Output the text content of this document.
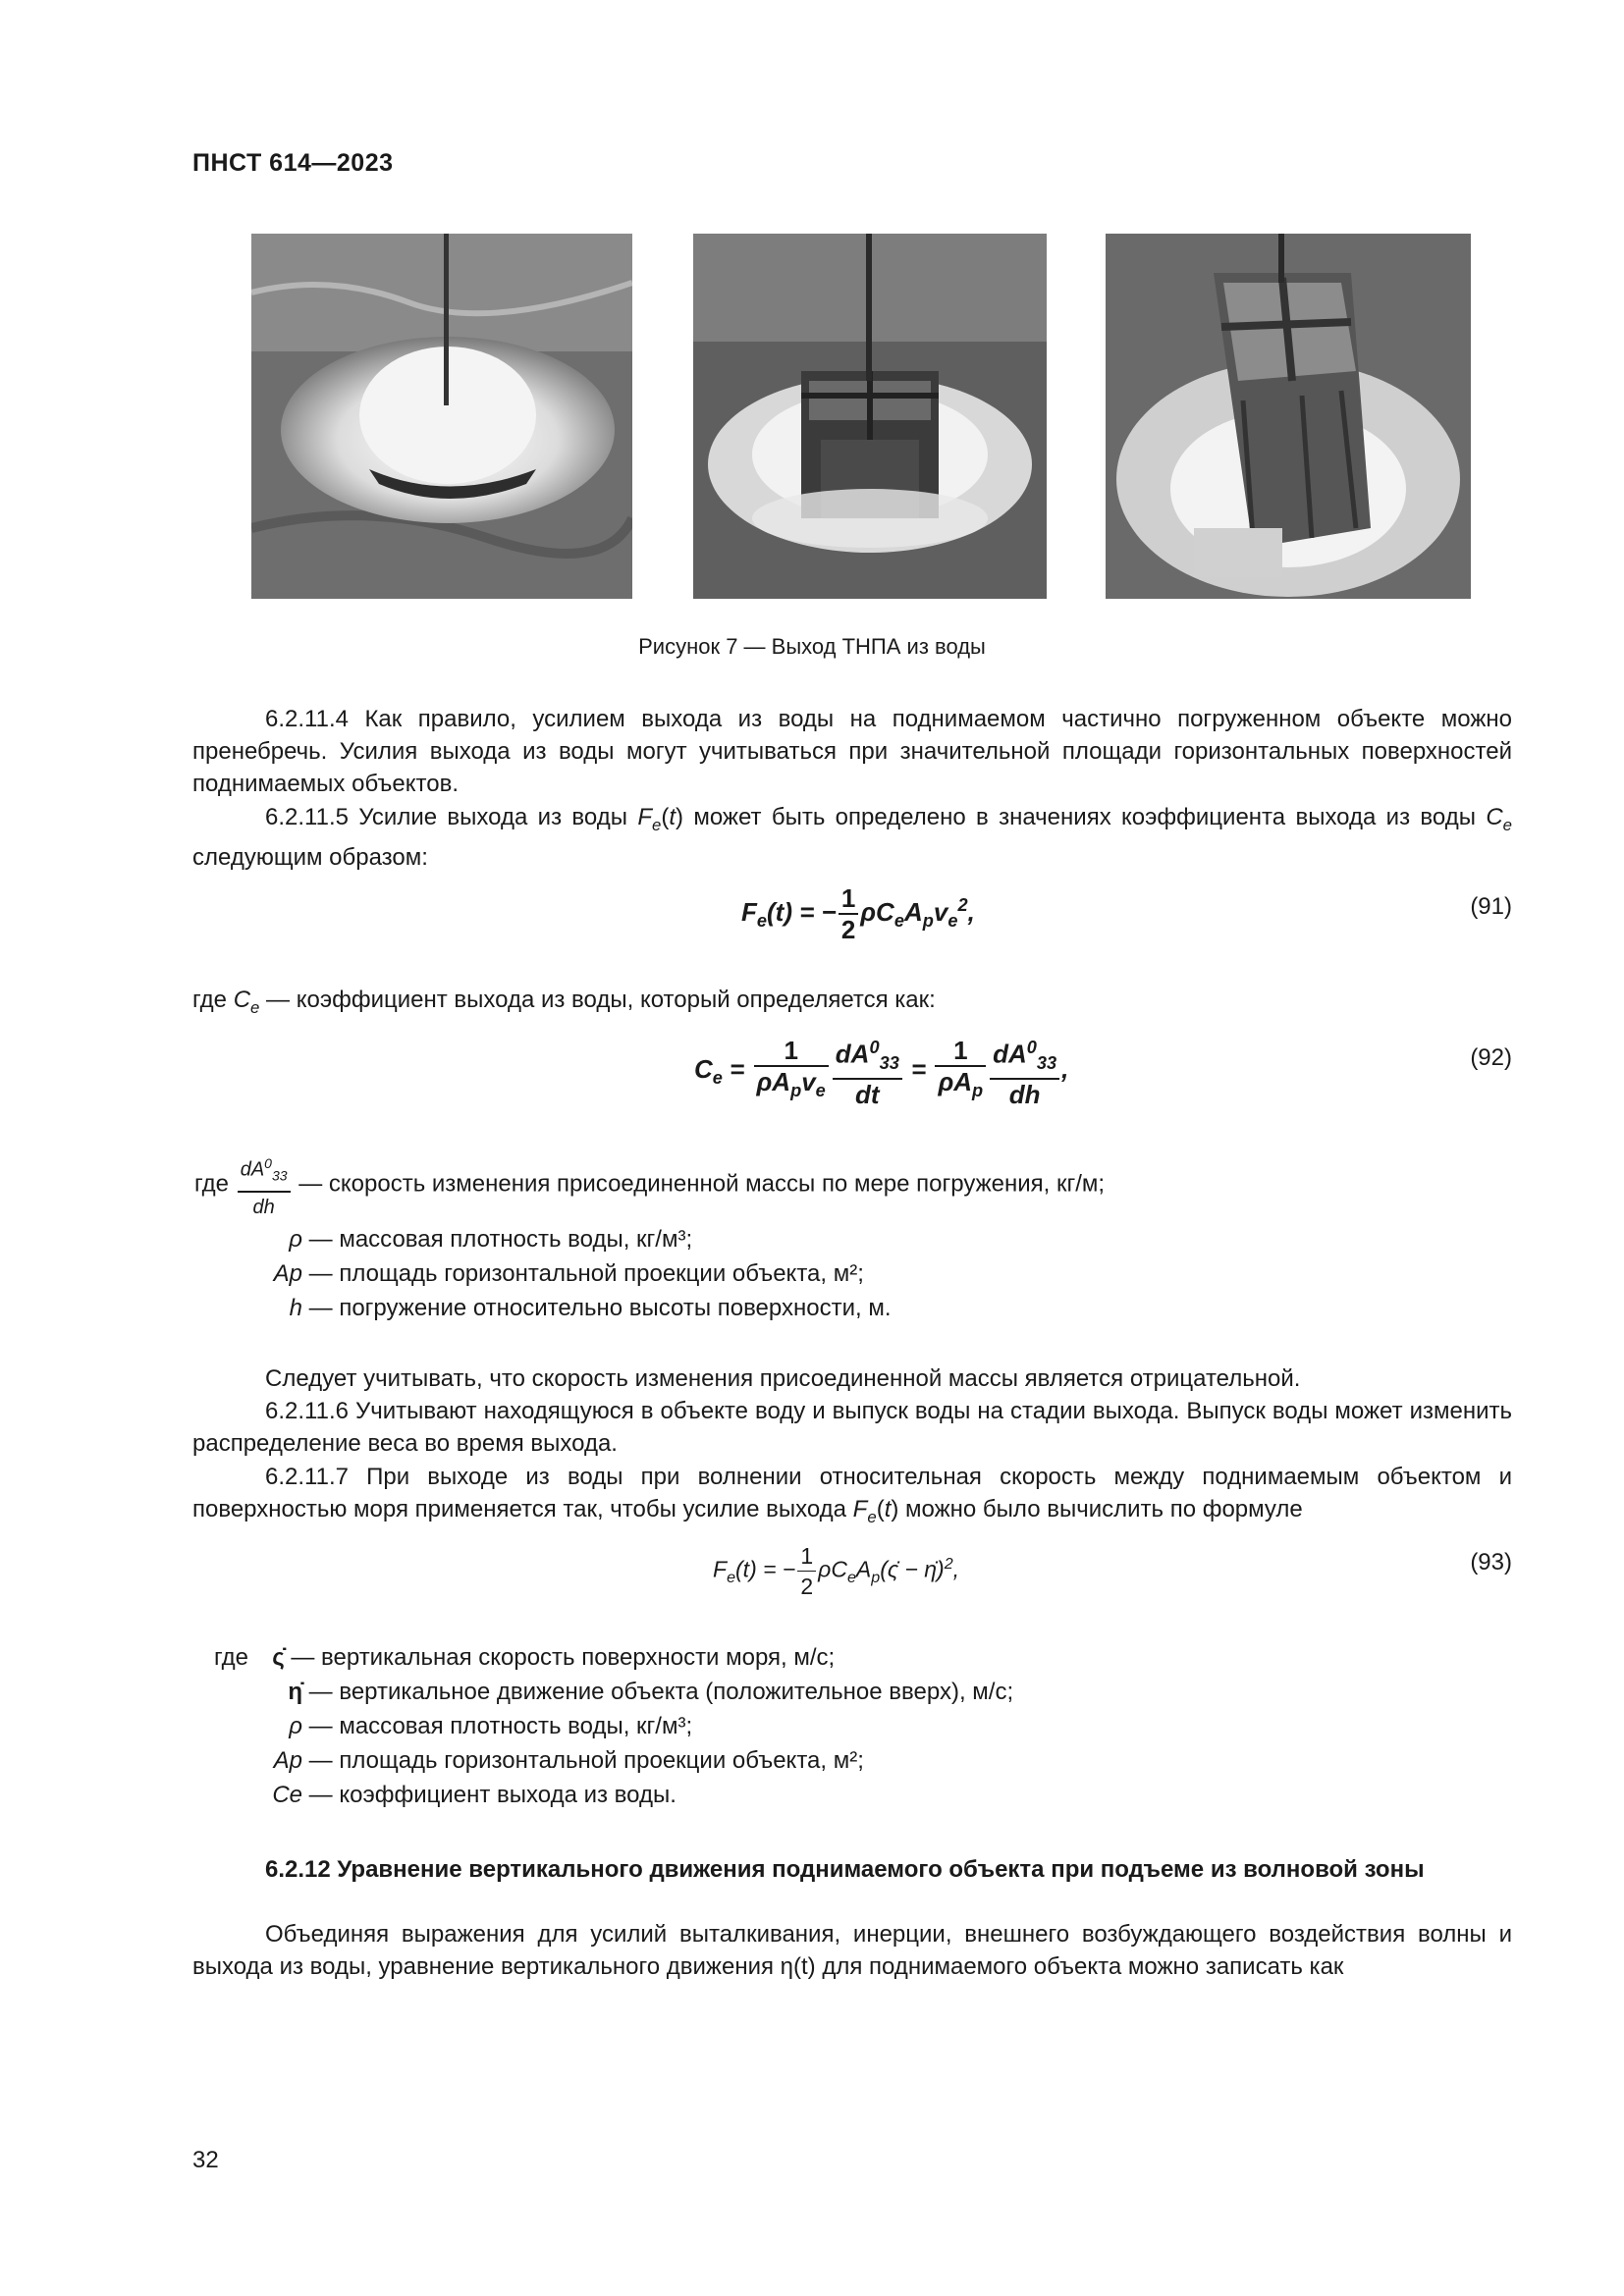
ПНСТ 614—2023
Рисунок 7 — Выход ТНПА из воды
6.2.11.4 Как правило, усилием выхода из воды на поднимаемом частично погруженном объекте можно пренебречь. Усилия выхода из воды могут учитываться при значительной площади горизонтальных поверхностей поднимаемых объектов.
6.2.11.5 Усилие выхода из воды $F_e(t)$ может быть определено в значениях коэффициента выхода из воды $C_e$ следующим образом:
$F_e(t)$ = − $\frac{1}{2} \rho C_eA_pv_e^2$,	(91)
где $C_e$ — коэффициент выхода из воды, который определяется как:
$C_e = \frac{1}{\rho A_pv_e} \frac{dA^0_{33}}{dt} = \frac{1}{\rho A_p} \frac{dA^0_{33}}{dh}$ ,	(92)
где $\frac{dA^0_{33}}{dh}$ — скорость изменения присоединенной массы по мере погружения, кг/м;
ρ — массовая плотность воды, кг/м³;
Ap — площадь горизонтальной проекции объекта, м²;
h — погружение относительно высоты поверхности, м.
Следует учитывать, что скорость изменения присоединенной массы является отрицательной.
6.2.11.6 Учитывают находящуюся в объекте воду и выпуск воды на стадии выхода. Выпуск воды может изменить распределение веса во время выхода.
6.2.11.7 При выходе из воды при волнении относительная скорость между поднимаемым объектом и поверхностью моря применяется так, чтобы усилие выхода $F_e(t)$ можно было вычислить по формуле
$F_e(t)$ = − $\frac{1}{2}$ $\rho C_eA_p(\varsigmȧ$ − η̇)$^2$,	(93)
где ς̇ — вертикальная скорость поверхности моря, м/с;
η̇ — вертикальное движение объекта (положительное вверх), м/с;
ρ — массовая плотность воды, кг/м³;
Ap — площадь горизонтальной проекции объекта, м²;
Ce — коэффициент выхода из воды.
6.2.12 Уравнение вертикального движения поднимаемого объекта при подъеме из волновой зоны
Объединяя выражения для усилий выталкивания, инерции, внешнего возбуждающего воздействия волны и выхода из воды, уравнение вертикального движения η(t) для поднимаемого объекта можно записать как
32
